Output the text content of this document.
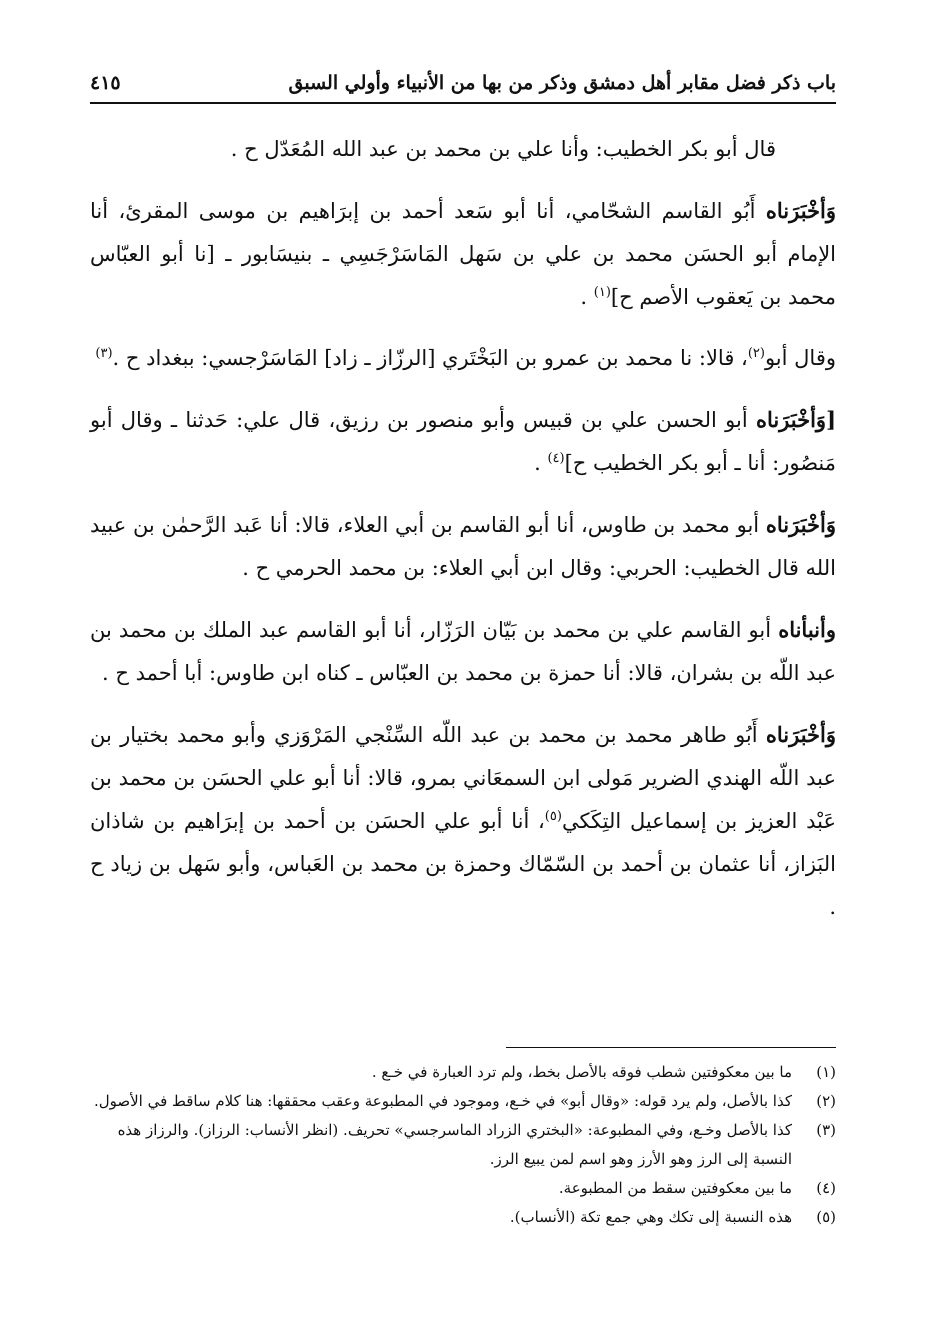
باب ذكر فضل مقابر أهل دمشق وذكر من بها من الأنبياء وأولي السبق
٤١٥

قال أبو بكر الخطيب: وأنا علي بن محمد بن عبد الله المُعَدّل ح .

وَأخْبَرَناه أَبُو القاسم الشحّامي، أنا أبو سَعد أحمد بن إبرَاهيم بن موسى المقرئ، أنا الإمام أبو الحسَن محمد بن علي بن سَهل المَاسَرْجَسِي ـ بنيسَابور ـ [نا أبو العبّاس محمد بن يَعقوب الأصم ح]$^{(١)}$ .

وقال أبو$^{(٢)}$، قالا: نا محمد بن عمرو بن البَخْتَري [الرزّاز ـ زاد] المَاسَرْجسي: ببغداد ح .$^{(٣)}$

[وَأخْبَرَناه أبو الحسن علي بن قبيس وأبو منصور بن رزيق، قال علي: حَدثنا ـ وقال أبو مَنصُور: أنا ـ أبو بكر الخطيب ح]$^{(٤)}$ .

وَأخْبَرَناه أبو محمد بن طاوس، أنا أبو القاسم بن أبي العلاء، قالا: أنا عَبد الرَّحمٰن بن عبيد الله قال الخطيب: الحربي: وقال ابن أبي العلاء: بن محمد الحرمي ح .

وأنبأناه أبو القاسم علي بن محمد بن بَيّان الرَزّار، أنا أبو القاسم عبد الملك بن محمد بن عبد اللّه بن بشران، قالا: أنا حمزة بن محمد بن العبّاس ـ كناه ابن طاوس: أبا أحمد ح .

وَأخْبَرَناه أَبُو طاهر محمد بن محمد بن عبد اللّه السِّنْجي المَرْوَزي وأبو محمد بختيار بن عبد اللّه الهندي الضرير مَولى ابن السمعَاني بمرو، قالا: أنا أبو علي الحسَن بن محمد بن عَبْد العزيز بن إسماعيل التِكَكي$^{(٥)}$، أنا أبو علي الحسَن بن أحمد بن إبرَاهيم بن شاذان البَزاز، أنا عثمان بن أحمد بن السّمّاك وحمزة بن محمد بن العَباس، وأبو سَهل بن زياد ح .

(١)
ما بين معكوفتين شطب فوقه بالأصل بخط، ولم ترد العبارة في خـع .
(٢)
كذا بالأصل، ولم يرد قوله: «وقال أبو» في خـع، وموجود في المطبوعة وعقب محققها: هنا كلام ساقط في الأصول.
(٣)
كذا بالأصل وخـع، وفي المطبوعة: «البختري الزراد الماسرجسي» تحريف. (انظر الأنساب: الرزاز). والرزاز هذه النسبة إلى الرز وهو الأرز وهو اسم لمن يبيع الرز.
(٤)
ما بين معكوفتين سقط من المطبوعة.
(٥)
هذه النسبة إلى تكك وهي جمع تكة (الأنساب).
